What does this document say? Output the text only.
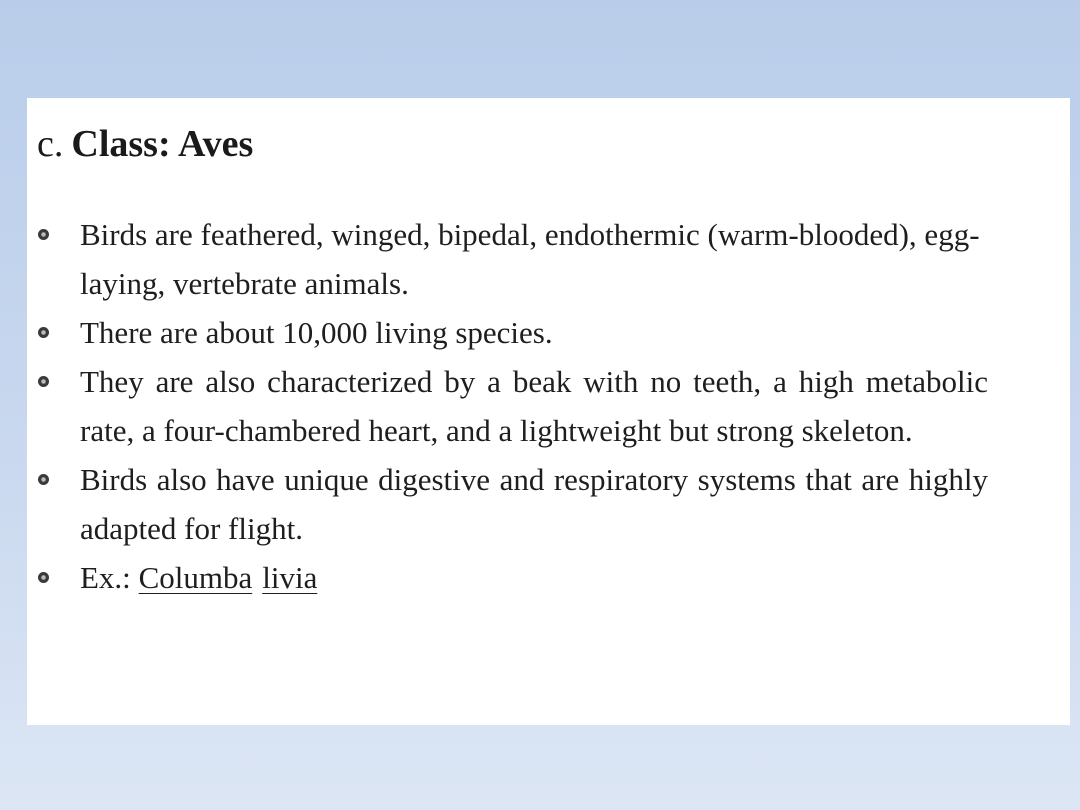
c. Class: Aves
Birds are feathered, winged, bipedal, endothermic (warm-blooded), egg-laying, vertebrate animals.
There are about 10,000 living species.
They are also characterized by a beak with no teeth, a high metabolic rate, a four-chambered heart, and a lightweight but strong skeleton.
Birds also have unique digestive and respiratory systems that are highly adapted for flight.
Ex.: Columba livia
